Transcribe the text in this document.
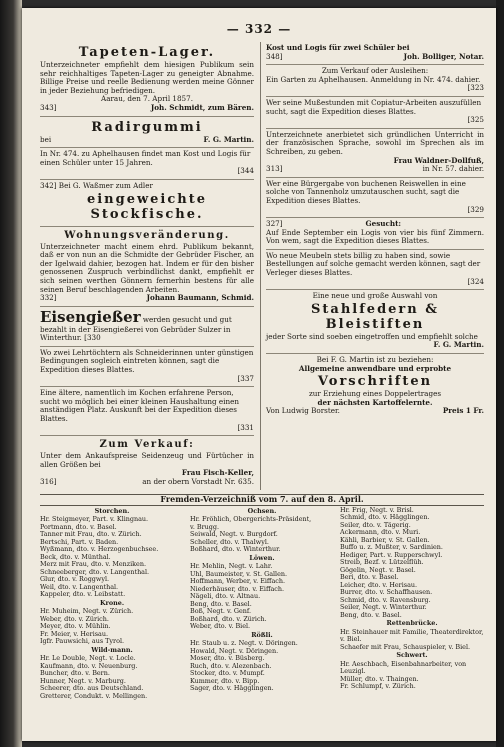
— 332 —
Tapeten-Lager.
Unterzeichneter empfiehlt dem hiesigen Publikum sein sehr reichhaltiges Tapeten-Lager zu geneigter Abnahme. Billige Preise und reelle Bedienung werden meine Gönner in jeder Beziehung befriedigen.
Aarau, den 7. April 1857.
343]	Joh. Schmidt, zum Bären.
Radirgummi
bei	F. G. Martin.
In Nr. 474. zu Aphelhausen findet man Kost und Logis für einen Schüler unter 15 Jahren.
[344
342] Bei G. Waßmer zum Adler
eingeweichte Stockfische.
Wohnungsveränderung.
Unterzeichneter macht einem ehrd. Publikum bekannt, daß er von nun an die Schmidte der Gebrüder Fischer, an der Igelwaid dahier, bezogen hat. Indem er für den bisher genossenen Zuspruch verbindlichst dankt, empfiehlt er sich seinen werthen Gönnern fernerhin bestens für alle seinen Beruf beschlagenden Arbeiten.
332]	Johann Baumann, Schmid.
Eisengießer werden gesucht und gut bezahlt in der Eisengießerei von Gebrüder Sulzer in Winterthur. [330
Wo zwei Lehrtöchtern als Schneiderinnen unter günstigen Bedingungen sogleich eintreten können, sagt die Expedition dieses Blattes.
[337
Eine ältere, namentlich im Kochen erfahrene Person, sucht wo möglich bei einer kleinen Haushaltung einen anständigen Platz. Auskunft bei der Expedition dieses Blattes.
[331
Zum Verkauf:
Unter dem Ankaufspreise Seidenzeug und Fürtücher in allen Größen bei
Frau Fisch-Keller,
316]	an der obern Vorstadt Nr. 635.
Kost und Logis für zwei Schüler bei
348]	Joh. Bolliger, Notar.
Zum Verkauf oder Ausleihen:
Ein Garten zu Aphelhausen. Anmeldung in Nr. 474. dahier.
[323
Wer seine Mußestunden mit Copiatur-Arbeiten auszufüllen sucht, sagt die Expedition dieses Blattes.
[325
Unterzeichnete anerbietet sich gründlichen Unterricht in der französischen Sprache, sowohl im Sprechen als im Schreiben, zu geben.
Frau Waldner-Dollfuß,
313]	in Nr. 57. dahier.
Wer eine Bürgergabe von buchenen Reiswellen in eine solche von Tannenholz umzutauschen sucht, sagt die Expedition dieses Blattes.
[329
327]	Gesucht:
Auf Ende September ein Logis von vier bis fünf Zimmern. Von wem, sagt die Expedition dieses Blattes.
Wo neue Meubeln stets billig zu haben sind, sowie Bestellungen auf solche gemacht werden können, sagt der Verleger dieses Blattes.
[324
Eine neue und große Auswahl von
Stahlfedern & Bleistiften
jeder Sorte sind soeben eingetroffen und empfiehlt solche
F. G. Martin.
Bei F. G. Martin ist zu beziehen:
Allgemeine anwendbare und erprobte
Vorschriften
zur Erziehung eines Doppelertrages
der nächsten Kartoffelernte.
Von Ludwig Borster.	Preis 1 Fr.
Fremden-Verzeichniß vom 7. auf den 8. April.
Storchen.
Hr. Steigmeyer, Part. v. Klingnau.
Portmann, dto. v. Basel.
Tanner mit Frau, dto. v. Zürich.
Bertschi, Part. v. Baden.
Wyßmann, dto. v. Herzogenbuchsee.
Beck, dto. v. Münthal.
Merz mit Frau, dto. v. Menziken.
Schneeberger, dto. v. Langenthal.
Glur, dto. v. Roggwyl.
Weil, dto. v. Langenthal.
Kappeler, dto. v. Leibstatt.
Krone.
Hr. Muheim, Negt. v. Zürich.
Weber, dto. v. Zürich.
Meyer, dto. v. Mühlin.
Fr. Meier, v. Herisau.
Igfr. Pauwsichi, aus Tyrol.
Wild-mann.
Hr. Le Double, Negt. v. Locle.
Kaufmann, dto. v. Neuenburg.
Buncher, dto. v. Bern.
Hunner, Negt. v. Marburg.
Scheerer, dto. aus Deutschland.
Gretterer, Condukt. v. Mellingen.
Ochsen.
Hr. Fröhlich, Obergerichts-Präsident,
v. Brugg.
Seiwald, Negt. v. Burgdorf.
Scheller, dto. v. Thalwyl.
Boßhard, dto. v. Winterthur.
Löwen.
Hr. Mehlin, Negt. v. Lahr.
Uhl, Baumeister, v. St. Gallen.
Hoffmann, Werber, v. Eiffach.
Niederhäuser, dto. v. Eiffach.
Nägeli, dto. v. Altnau.
Beng, dto. v. Basel.
Boß, Negt. v. Genf.
Boßhard, dto. v. Zürich.
Weber, dto. v. Biel.
Rößli.
Hr. Staub u. z. Negt. v. Döringen.
Howald, Negt. v. Döringen.
Moser, dto. v. Büsberg.
Ruch, dto. v. Alezenbach.
Stocker, dto. v. Mumpf.
Kummer, dto. v. Bipp.
Sager, dto. v. Hägglingen.
Hr. Frig, Negt. v. Brisl.
Schmid, dto. v. Hägglingen.
Seiler, dto. v. Tägerig.
Ackermann, dto. v. Muri.
Kähli, Barbier, v. St. Gallen.
Buffo u. z. Mußter, v. Sardinien.
Hediger, Part. v. Rupperschwyl.
Streib, Bezf. v. Lützelflüh.
Gögelin, Negt. v. Basel.
Beri, dto. v. Basel.
Leicher, dto. v. Herisau.
Burrer, dto. v. Schaffhausen.
Schmid, dto. v. Ravensburg.
Seiler, Negt. v. Winterthur.
Beng, dto. v. Basel.
Rettenbrücke.
Hr. Steinhauer mit Familie, Theaterdirektor, v. Biel.
Schaefer mit Frau, Schauspieler, v. Biel.
Schwert.
Hr. Aeschbach, Eisenbahnarbeiter, von Leuzigl.
Müller, dto. v. Thaingen.
Fr. Schlumpf, v. Zürich.
